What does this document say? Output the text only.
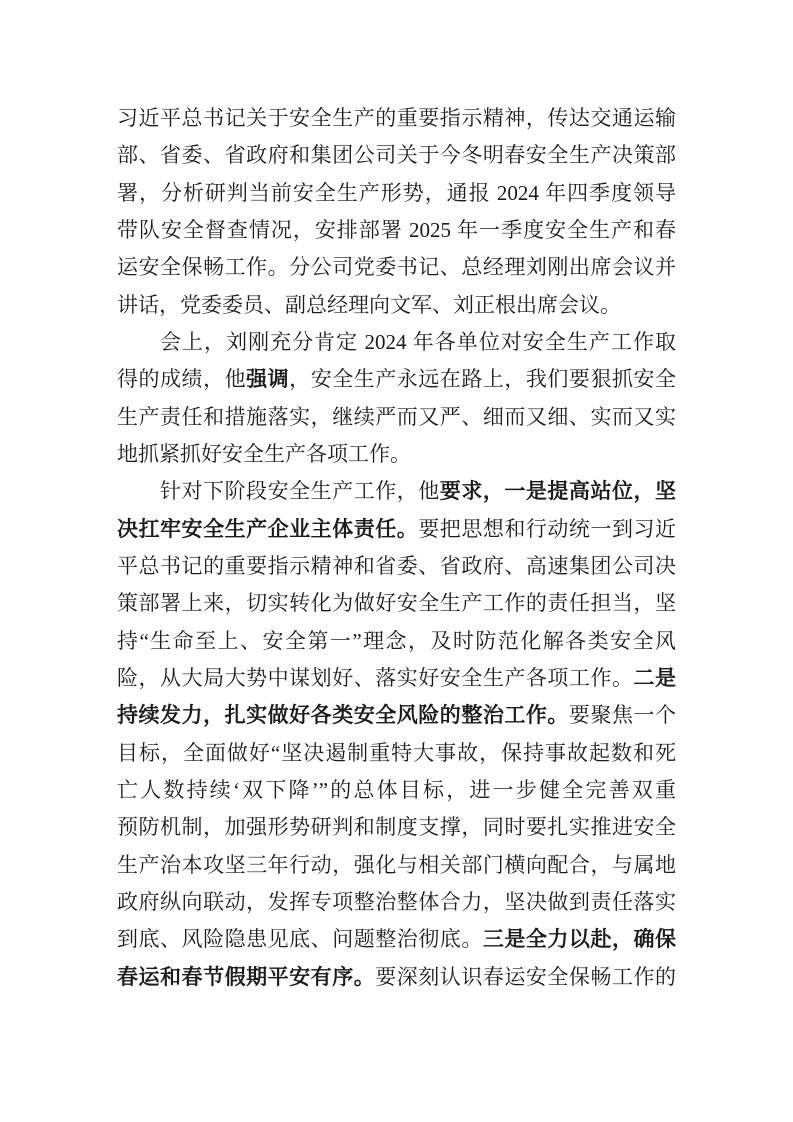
习近平总书记关于安全生产的重要指示精神，传达交通运输
部、省委、省政府和集团公司关于今冬明春安全生产决策部
署，分析研判当前安全生产形势，通报 2024 年四季度领导
带队安全督查情况，安排部署 2025 年一季度安全生产和春
运安全保畅工作。分公司党委书记、总经理刘刚出席会议并
讲话，党委委员、副总经理向文军、刘正根出席会议。
会上，刘刚充分肯定 2024 年各单位对安全生产工作取
得的成绩，他强调，安全生产永远在路上，我们要狠抓安全
生产责任和措施落实，继续严而又严、细而又细、实而又实
地抓紧抓好安全生产各项工作。
针对下阶段安全生产工作，他要求，一是提高站位，坚
决扛牢安全生产企业主体责任。要把思想和行动统一到习近
平总书记的重要指示精神和省委、省政府、高速集团公司决
策部署上来，切实转化为做好安全生产工作的责任担当，坚
持“生命至上、安全第一”理念，及时防范化解各类安全风
险，从大局大势中谋划好、落实好安全生产各项工作。二是
持续发力，扎实做好各类安全风险的整治工作。要聚焦一个
目标，全面做好“坚决遏制重特大事故，保持事故起数和死
亡人数持续‘双下降’”的总体目标，进一步健全完善双重
预防机制，加强形势研判和制度支撑，同时要扎实推进安全
生产治本攻坚三年行动，强化与相关部门横向配合，与属地
政府纵向联动，发挥专项整治整体合力，坚决做到责任落实
到底、风险隐患见底、问题整治彻底。三是全力以赴，确保
春运和春节假期平安有序。要深刻认识春运安全保畅工作的
